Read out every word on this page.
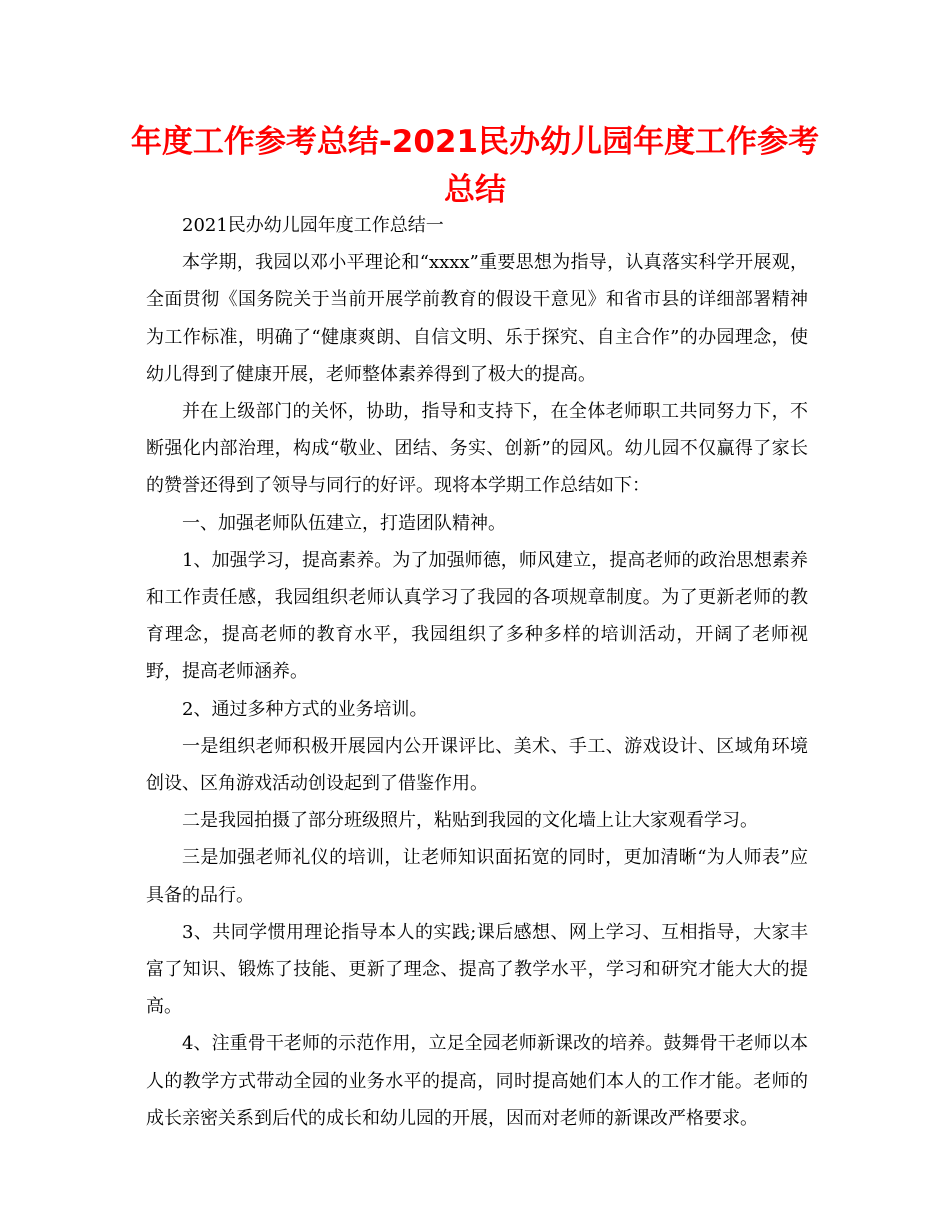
年度工作参考总结-2021民办幼儿园年度工作参考总结

2021民办幼儿园年度工作总结一

本学期，我园以邓小平理论和“xxxx”重要思想为指导，认真落实科学开展观，全面贯彻《国务院关于当前开展学前教育的假设干意见》和省市县的详细部署精神为工作标准，明确了“健康爽朗、自信文明、乐于探究、自主合作”的办园理念，使幼儿得到了健康开展，老师整体素养得到了极大的提高。

并在上级部门的关怀，协助，指导和支持下，在全体老师职工共同努力下，不断强化内部治理，构成“敬业、团结、务实、创新”的园风。幼儿园不仅赢得了家长的赞誉还得到了领导与同行的好评。现将本学期工作总结如下：

一、加强老师队伍建立，打造团队精神。

1、加强学习，提高素养。为了加强师德，师风建立，提高老师的政治思想素养和工作责任感，我园组织老师认真学习了我园的各项规章制度。为了更新老师的教育理念，提高老师的教育水平，我园组织了多种多样的培训活动，开阔了老师视野，提高老师涵养。

2、通过多种方式的业务培训。

一是组织老师积极开展园内公开课评比、美术、手工、游戏设计、区域角环境创设、区角游戏活动创设起到了借鉴作用。

二是我园拍摄了部分班级照片，粘贴到我园的文化墙上让大家观看学习。

三是加强老师礼仪的培训，让老师知识面拓宽的同时，更加清晰“为人师表”应具备的品行。

3、共同学惯用理论指导本人的实践;课后感想、网上学习、互相指导，大家丰富了知识、锻炼了技能、更新了理念、提高了教学水平，学习和研究才能大大的提高。

4、注重骨干老师的示范作用，立足全园老师新课改的培养。鼓舞骨干老师以本人的教学方式带动全园的业务水平的提高，同时提高她们本人的工作才能。老师的成长亲密关系到后代的成长和幼儿园的开展，因而对老师的新课改严格要求。
